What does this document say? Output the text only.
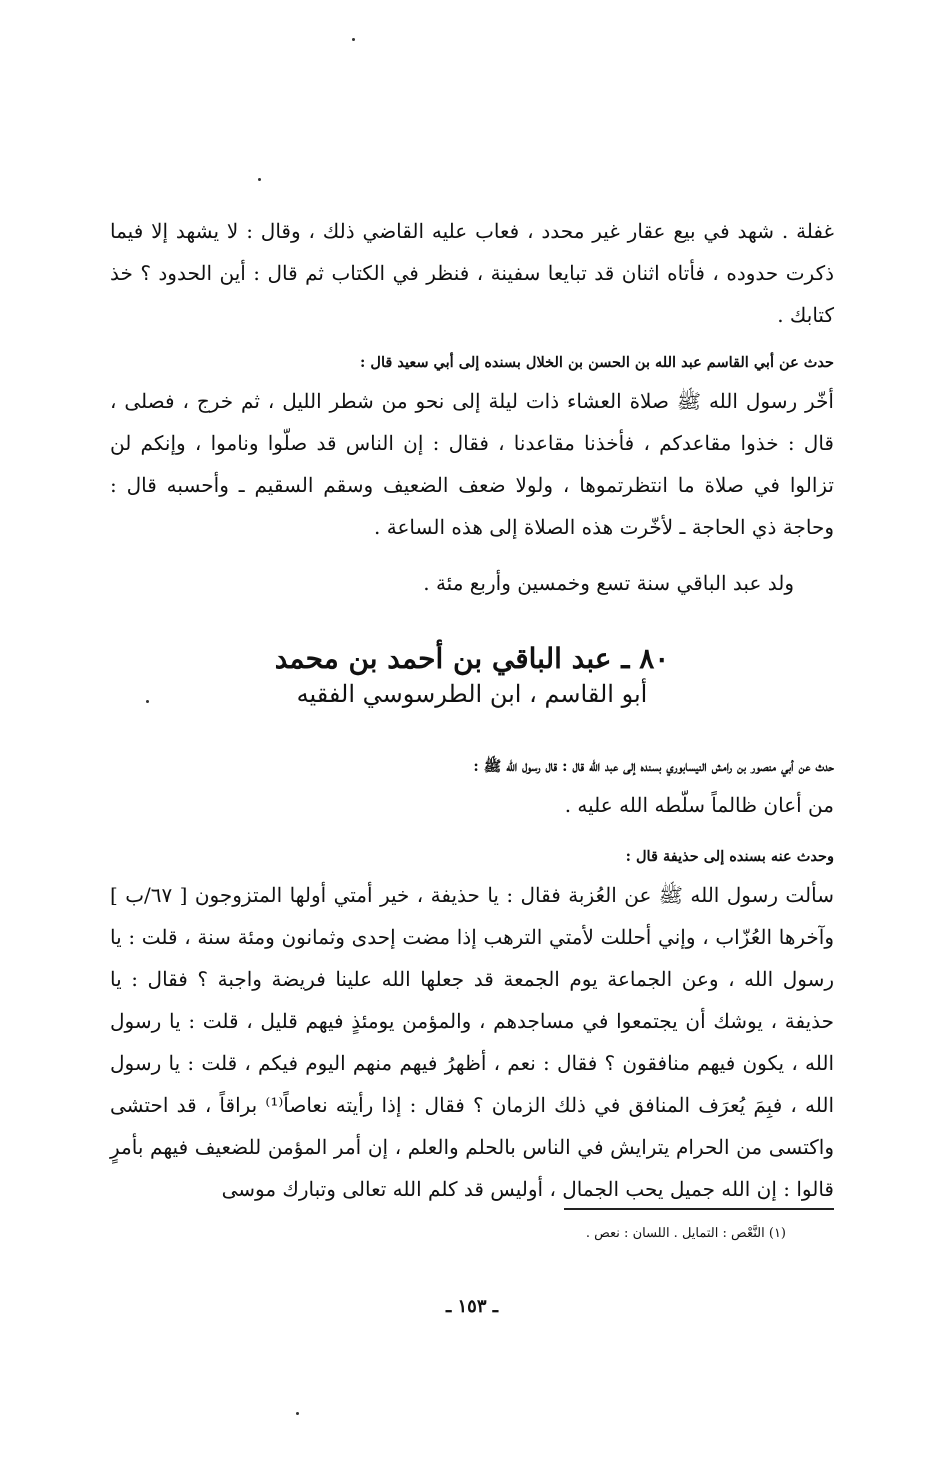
غفلة . شهد في بيع عقار غير محدد ، فعاب عليه القاضي ذلك ، وقال : لا يشهد إلا فيما ذكرت حدوده ، فأتاه اثنان قد تبايعا سفينة ، فنظر في الكتاب ثم قال : أين الحدود ؟ خذ كتابك .

حدث عن أبي القاسم عبد الله بن الحسن بن الخلال بسنده إلى أبي سعيد قال :

أخّر رسول الله ﷺ صلاة العشاء ذات ليلة إلى نحو من شطر الليل ، ثم خرج ، فصلى ، قال : خذوا مقاعدكم ، فأخذنا مقاعدنا ، فقال : إن الناس قد صلّوا وناموا ، وإنكم لن تزالوا في صلاة ما انتظرتموها ، ولولا ضعف الضعيف وسقم السقيم ـ وأحسبه قال : وحاجة ذي الحاجة ـ لأخّرت هذه الصلاة إلى هذه الساعة .

ولد عبد الباقي سنة تسع وخمسين وأربع مئة .

٨٠ ـ عبد الباقي بن أحمد بن محمد
أبو القاسم ، ابن الطرسوسي الفقيه

حدث عن أبي منصور بن رامش النيسابوري بسنده إلى عبد الله قال : قال رسول الله ﷺ :

من أعان ظالماً سلّطه الله عليه .

وحدث عنه بسنده إلى حذيفة قال :

سألت رسول الله ﷺ عن العُزبة فقال : يا حذيفة ، خير أمتي أولها المتزوجون [ ٦٧/ب ] وآخرها العُزّاب ، وإني أحللت لأمتي الترهب إذا مضت إحدى وثمانون ومئة سنة ، قلت : يا رسول الله ، وعن الجماعة يوم الجمعة قد جعلها الله علينا فريضة واجبة ؟ فقال : يا حذيفة ، يوشك أن يجتمعوا في مساجدهم ، والمؤمن يومئذٍ فيهم قليل ، قلت : يا رسول الله ، يكون فيهم منافقون ؟ فقال : نعم ، أظهرُ فيهم منهم اليوم فيكم ، قلت : يا رسول الله ، فبِمَ يُعرَف المنافق في ذلك الزمان ؟ فقال : إذا رأيته نعاصاً⁽¹⁾ براقاً ، قد احتشى واكتسى من الحرام يترايش في الناس بالحلم والعلم ، إن أمر المؤمن للضعيف فيهم بأمرٍ قالوا : إن الله جميل يحب الجمال ، أوليس قد كلم الله تعالى وتبارك موسى

(١) النَّعْص : التمايل . اللسان : نعص .
ـ ١٥٣ ـ
